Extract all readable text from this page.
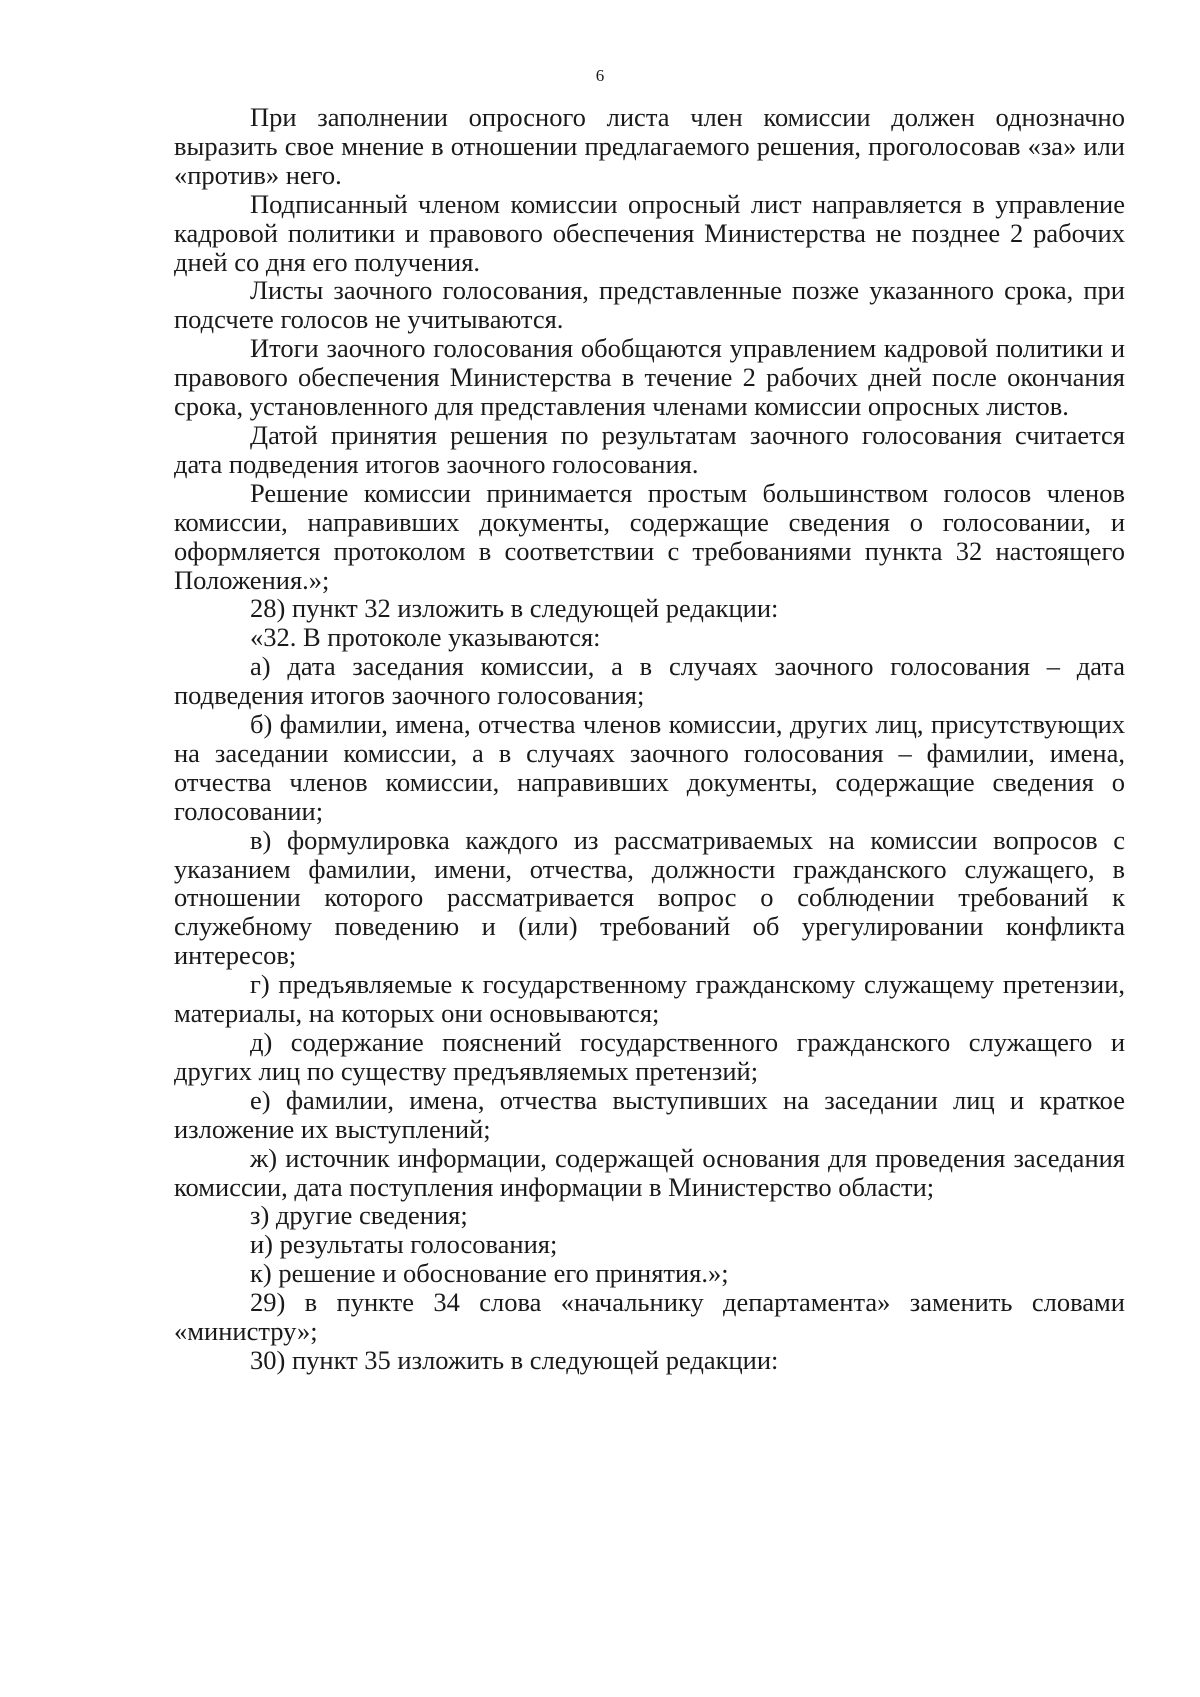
6

При заполнении опросного листа член комиссии должен однозначно выразить свое мнение в отношении предлагаемого решения, проголосовав «за» или «против» него.

Подписанный членом комиссии опросный лист направляется в управление кадровой политики и правового обеспечения Министерства не позднее 2 рабочих дней со дня его получения.

Листы заочного голосования, представленные позже указанного срока, при подсчете голосов не учитываются.

Итоги заочного голосования обобщаются управлением кадровой политики и правового обеспечения Министерства в течение 2 рабочих дней после окончания срока, установленного для представления членами комиссии опросных листов.

Датой принятия решения по результатам заочного голосования считается дата подведения итогов заочного голосования.

Решение комиссии принимается простым большинством голосов членов комиссии, направивших документы, содержащие сведения о голосовании, и оформляется протоколом в соответствии с требованиями пункта 32 настоящего Положения.»;

28) пункт 32 изложить в следующей редакции:

«32. В протоколе указываются:

а) дата заседания комиссии, а в случаях заочного голосования – дата подведения итогов заочного голосования;

б) фамилии, имена, отчества членов комиссии, других лиц, присутствующих на заседании комиссии, а в случаях заочного голосования – фамилии, имена, отчества членов комиссии, направивших документы, содержащие сведения о голосовании;

в) формулировка каждого из рассматриваемых на комиссии вопросов с указанием фамилии, имени, отчества, должности гражданского служащего, в отношении которого рассматривается вопрос о соблюдении требований к служебному поведению и (или) требований об урегулировании конфликта интересов;

г) предъявляемые к государственному гражданскому служащему претензии, материалы, на которых они основываются;

д) содержание пояснений государственного гражданского служащего и других лиц по существу предъявляемых претензий;

е) фамилии, имена, отчества выступивших на заседании лиц и краткое изложение их выступлений;

ж) источник информации, содержащей основания для проведения заседания комиссии, дата поступления информации в Министерство области;

з) другие сведения;

и) результаты голосования;

к) решение и обоснование его принятия.»;

29) в пункте 34 слова «начальнику департамента» заменить словами «министру»;

30) пункт 35 изложить в следующей редакции:
